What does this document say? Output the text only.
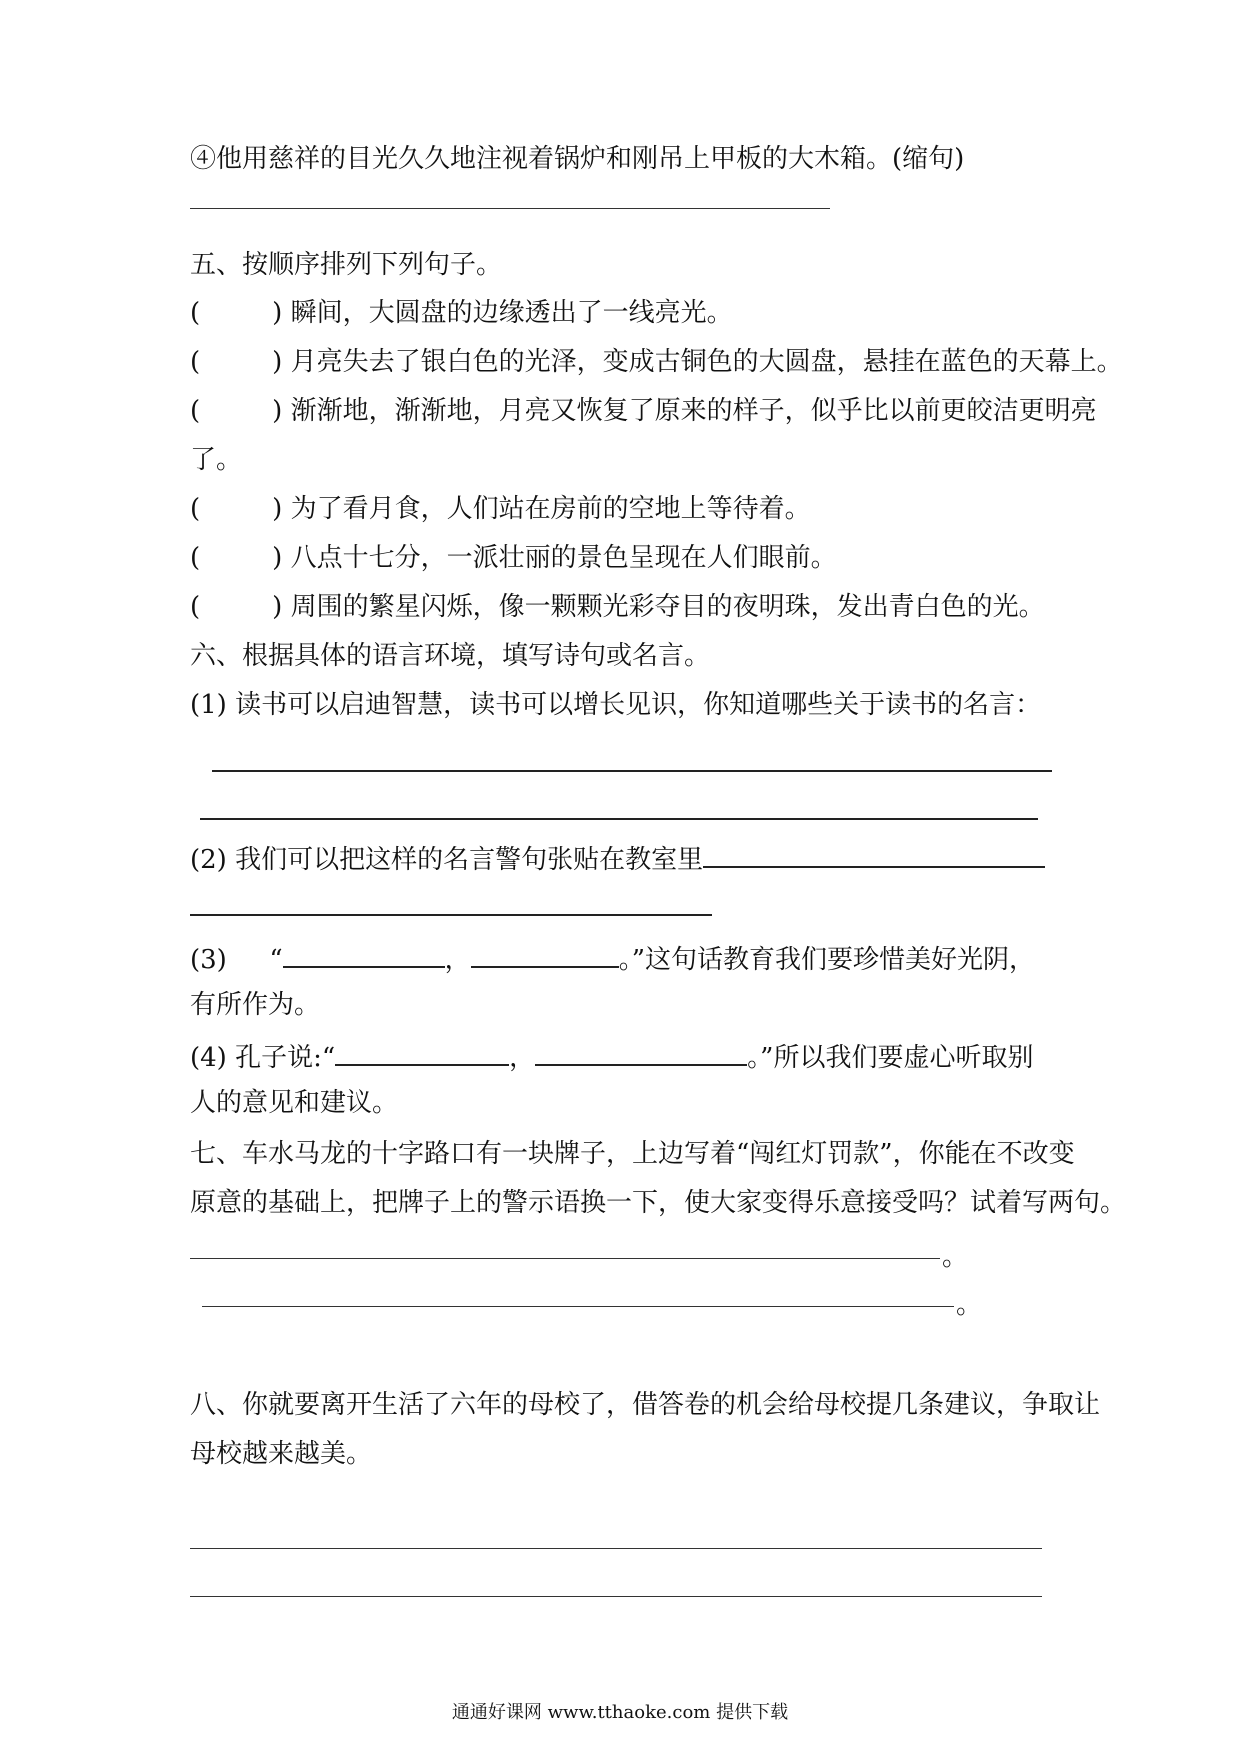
④他用慈祥的目光久久地注视着锅炉和刚吊上甲板的大木箱。(缩句)
五、按顺序排列下列句子。
(	) 瞬间，大圆盘的边缘透出了一线亮光。
(	) 月亮失去了银白色的光泽，变成古铜色的大圆盘，悬挂在蓝色的天幕上。
(	) 渐渐地，渐渐地，月亮又恢复了原来的样子，似乎比以前更皎洁更明亮
了。
(	) 为了看月食，人们站在房前的空地上等待着。
(	) 八点十七分，一派壮丽的景色呈现在人们眼前。
(	) 周围的繁星闪烁，像一颗颗光彩夺目的夜明珠，发出青白色的光。
六、根据具体的语言环境，填写诗句或名言。
(1) 读书可以启迪智慧，读书可以增长见识，你知道哪些关于读书的名言：
(2) 我们可以把这样的名言警句张贴在教室里
(3) “	，	。”这句话教育我们要珍惜美好光阴，
有所作为。
(4) 孔子说:“	，	。”所以我们要虚心听取别
人的意见和建议。
七、车水马龙的十字路口有一块牌子，上边写着“闯红灯罚款”，你能在不改变
原意的基础上，把牌子上的警示语换一下，使大家变得乐意接受吗？试着写两句。
。
。
八、你就要离开生活了六年的母校了，借答卷的机会给母校提几条建议，争取让
母校越来越美。
通通好课网 www.tthaoke.com 提供下载
